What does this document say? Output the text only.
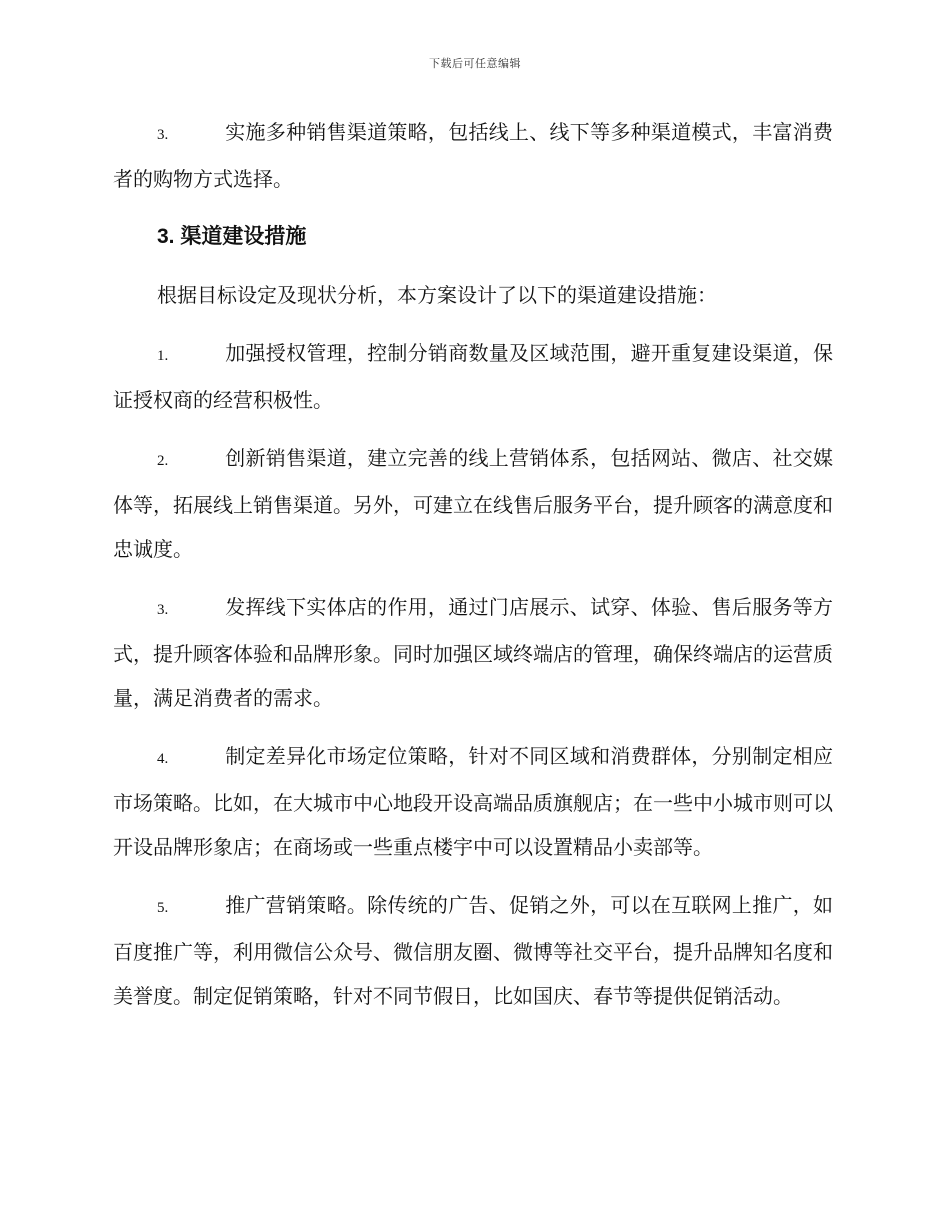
下载后可任意编辑

3.	实施多种销售渠道策略，包括线上、线下等多种渠道模式，丰富消费者的购物方式选择。

3. 渠道建设措施

根据目标设定及现状分析，本方案设计了以下的渠道建设措施：

1.	加强授权管理，控制分销商数量及区域范围，避开重复建设渠道，保证授权商的经营积极性。

2.	创新销售渠道，建立完善的线上营销体系，包括网站、微店、社交媒体等，拓展线上销售渠道。另外，可建立在线售后服务平台，提升顾客的满意度和忠诚度。

3.	发挥线下实体店的作用，通过门店展示、试穿、体验、售后服务等方式，提升顾客体验和品牌形象。同时加强区域终端店的管理，确保终端店的运营质量，满足消费者的需求。

4.	制定差异化市场定位策略，针对不同区域和消费群体，分别制定相应市场策略。比如，在大城市中心地段开设高端品质旗舰店；在一些中小城市则可以开设品牌形象店；在商场或一些重点楼宇中可以设置精品小卖部等。

5.	推广营销策略。除传统的广告、促销之外，可以在互联网上推广，如百度推广等，利用微信公众号、微信朋友圈、微博等社交平台，提升品牌知名度和美誉度。制定促销策略，针对不同节假日，比如国庆、春节等提供促销活动。
